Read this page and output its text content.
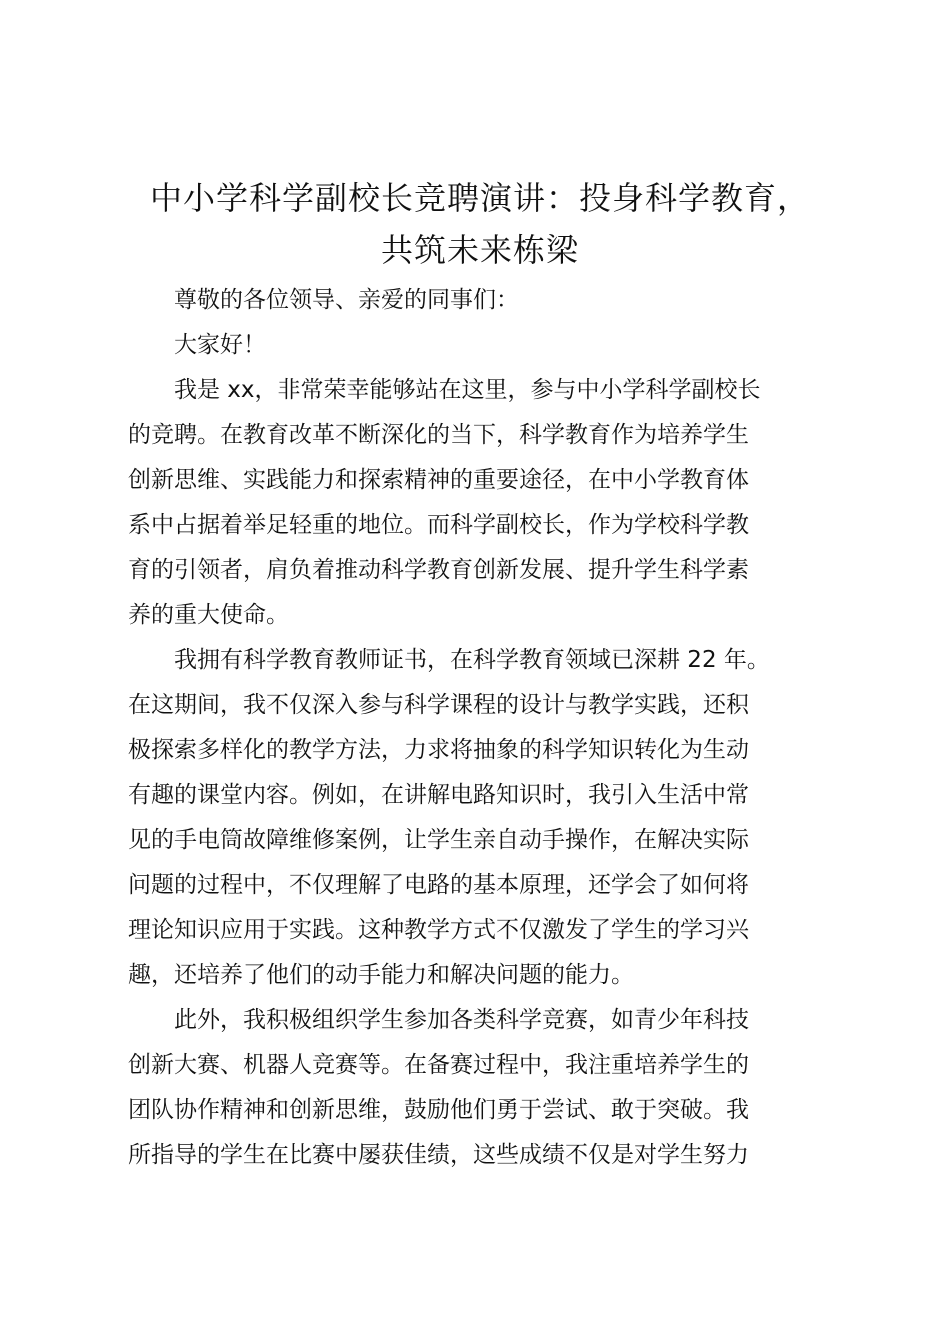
中小学科学副校长竞聘演讲：投身科学教育，
共筑未来栋梁

尊敬的各位领导、亲爱的同事们：

大家好！

我是 xx，非常荣幸能够站在这里，参与中小学科学副校长
的竞聘。在教育改革不断深化的当下，科学教育作为培养学生
创新思维、实践能力和探索精神的重要途径，在中小学教育体
系中占据着举足轻重的地位。而科学副校长，作为学校科学教
育的引领者，肩负着推动科学教育创新发展、提升学生科学素
养的重大使命。

我拥有科学教育教师证书，在科学教育领域已深耕 22 年。
在这期间，我不仅深入参与科学课程的设计与教学实践，还积
极探索多样化的教学方法，力求将抽象的科学知识转化为生动
有趣的课堂内容。例如，在讲解电路知识时，我引入生活中常
见的手电筒故障维修案例，让学生亲自动手操作，在解决实际
问题的过程中，不仅理解了电路的基本原理，还学会了如何将
理论知识应用于实践。这种教学方式不仅激发了学生的学习兴
趣，还培养了他们的动手能力和解决问题的能力。

此外，我积极组织学生参加各类科学竞赛，如青少年科技
创新大赛、机器人竞赛等。在备赛过程中，我注重培养学生的
团队协作精神和创新思维，鼓励他们勇于尝试、敢于突破。我
所指导的学生在比赛中屡获佳绩，这些成绩不仅是对学生努力
